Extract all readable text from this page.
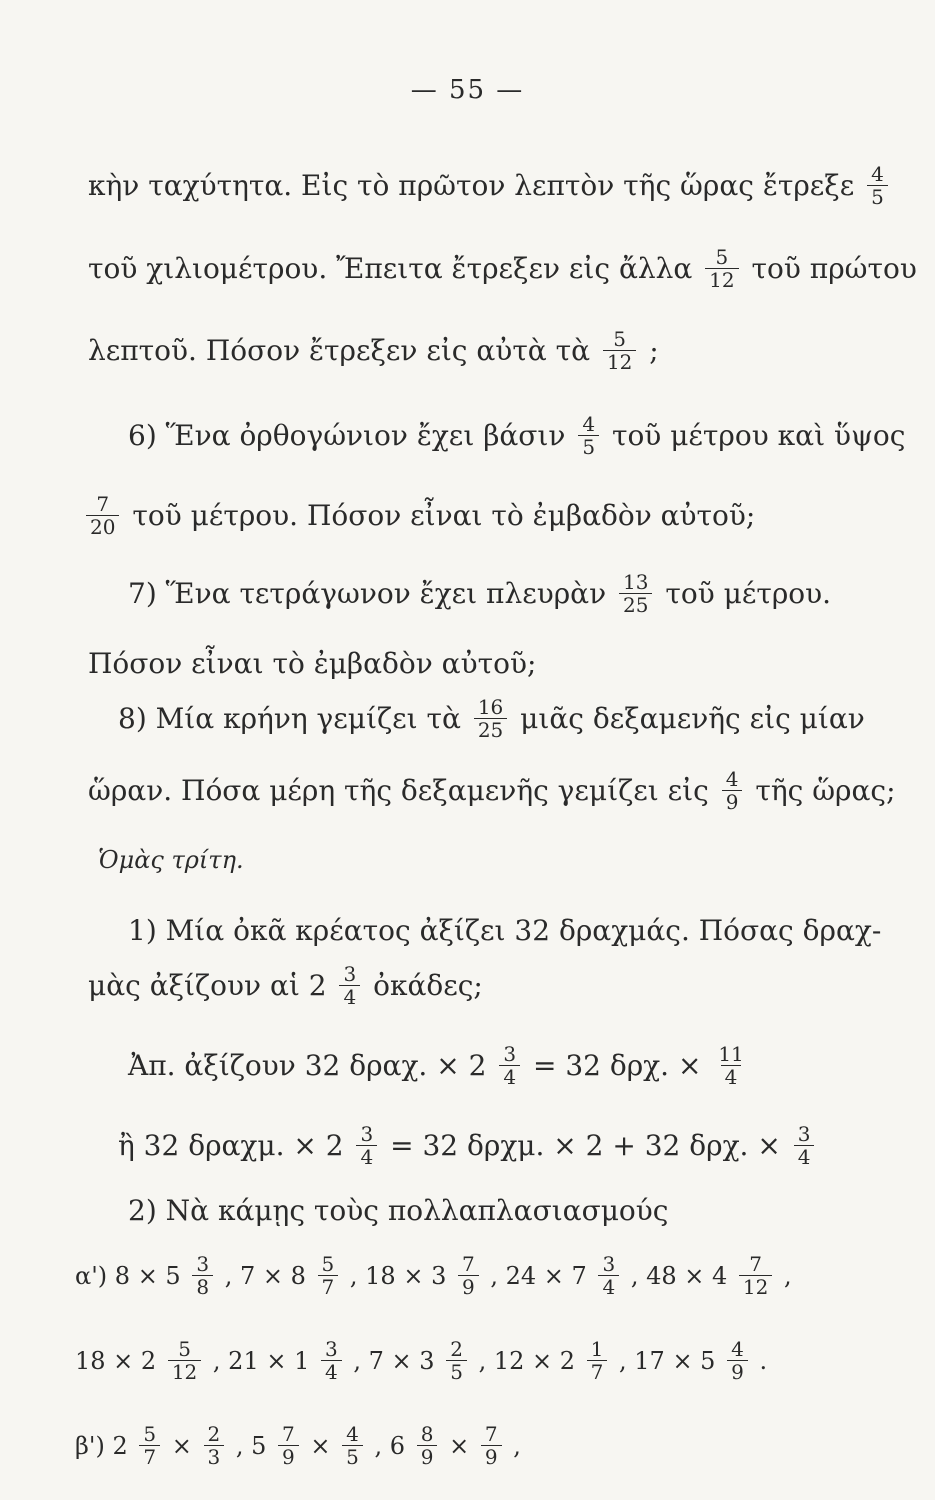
— 55 —
κὴν ταχύτητα. Εἰς τὸ πρῶτον λεπτὸν τῆς ὥρας ἔτρεξε $\frac{4}{5}$
τοῦ χιλιομέτρου. Ἔπειτα ἔτρεξεν εἰς ἄλλα $\frac{5}{12}$ τοῦ πρώτου
λεπτοῦ. Πόσον ἔτρεξεν εἰς αὐτὰ τὰ $\frac{5}{12}$ ;
6) Ἕνα ὀρθογώνιον ἔχει βάσιν $\frac{4}{5}$ τοῦ μέτρου καὶ ὕψος
$\frac{7}{20}$ τοῦ μέτρου. Πόσον εἶναι τὸ ἐμβαδὸν αὐτοῦ;
7) Ἕνα τετράγωνον ἔχει πλευρὰν $\frac{13}{25}$ τοῦ μέτρου.
Πόσον εἶναι τὸ ἐμβαδὸν αὐτοῦ;
8) Μία κρήνη γεμίζει τὰ $\frac{16}{25}$ μιᾶς δεξαμενῆς εἰς μίαν
ὥραν. Πόσα μέρη τῆς δεξαμενῆς γεμίζει εἰς $\frac{4}{9}$ τῆς ὥρας;
Ὁμὰς τρίτη.
1) Μία ὀκᾶ κρέατος ἀξίζει 32 δραχμάς. Πόσας δραχ-
μὰς ἀξίζουν αἱ $2 \frac{3}{4}$ ὀκάδες;
Ἀπ. ἀξίζουν 32 δραχ. × $2 \frac{3}{4} = 32$ δρχ. × $\frac{11}{4}$
ἢ 32 δραχμ. × $2 \frac{3}{4} = 32$ δρχμ. × 2 + 32 δρχ. × $\frac{3}{4}$
2) Νὰ κάμῃς τοὺς πολλαπλασιασμούς
α') $8 \times 5 \frac{3}{8}$ , $7 \times 8 \frac{5}{7}$ , $18 \times 3 \frac{7}{9}$ , $24 \times 7 \frac{3}{4}$ , $48 \times 4 \frac{7}{12}$ ,
$18 \times 2 \frac{5}{12}$ , $21 \times 1 \frac{3}{4}$ , $7 \times 3 \frac{2}{5}$ , $12 \times 2 \frac{1}{7}$ , $17 \times 5 \frac{4}{9}$ .
β') $2 \frac{5}{7} \times \frac{2}{3}$ , $5 \frac{7}{9} \times \frac{4}{5}$ , $6 \frac{8}{9} \times \frac{7}{9}$ ,
